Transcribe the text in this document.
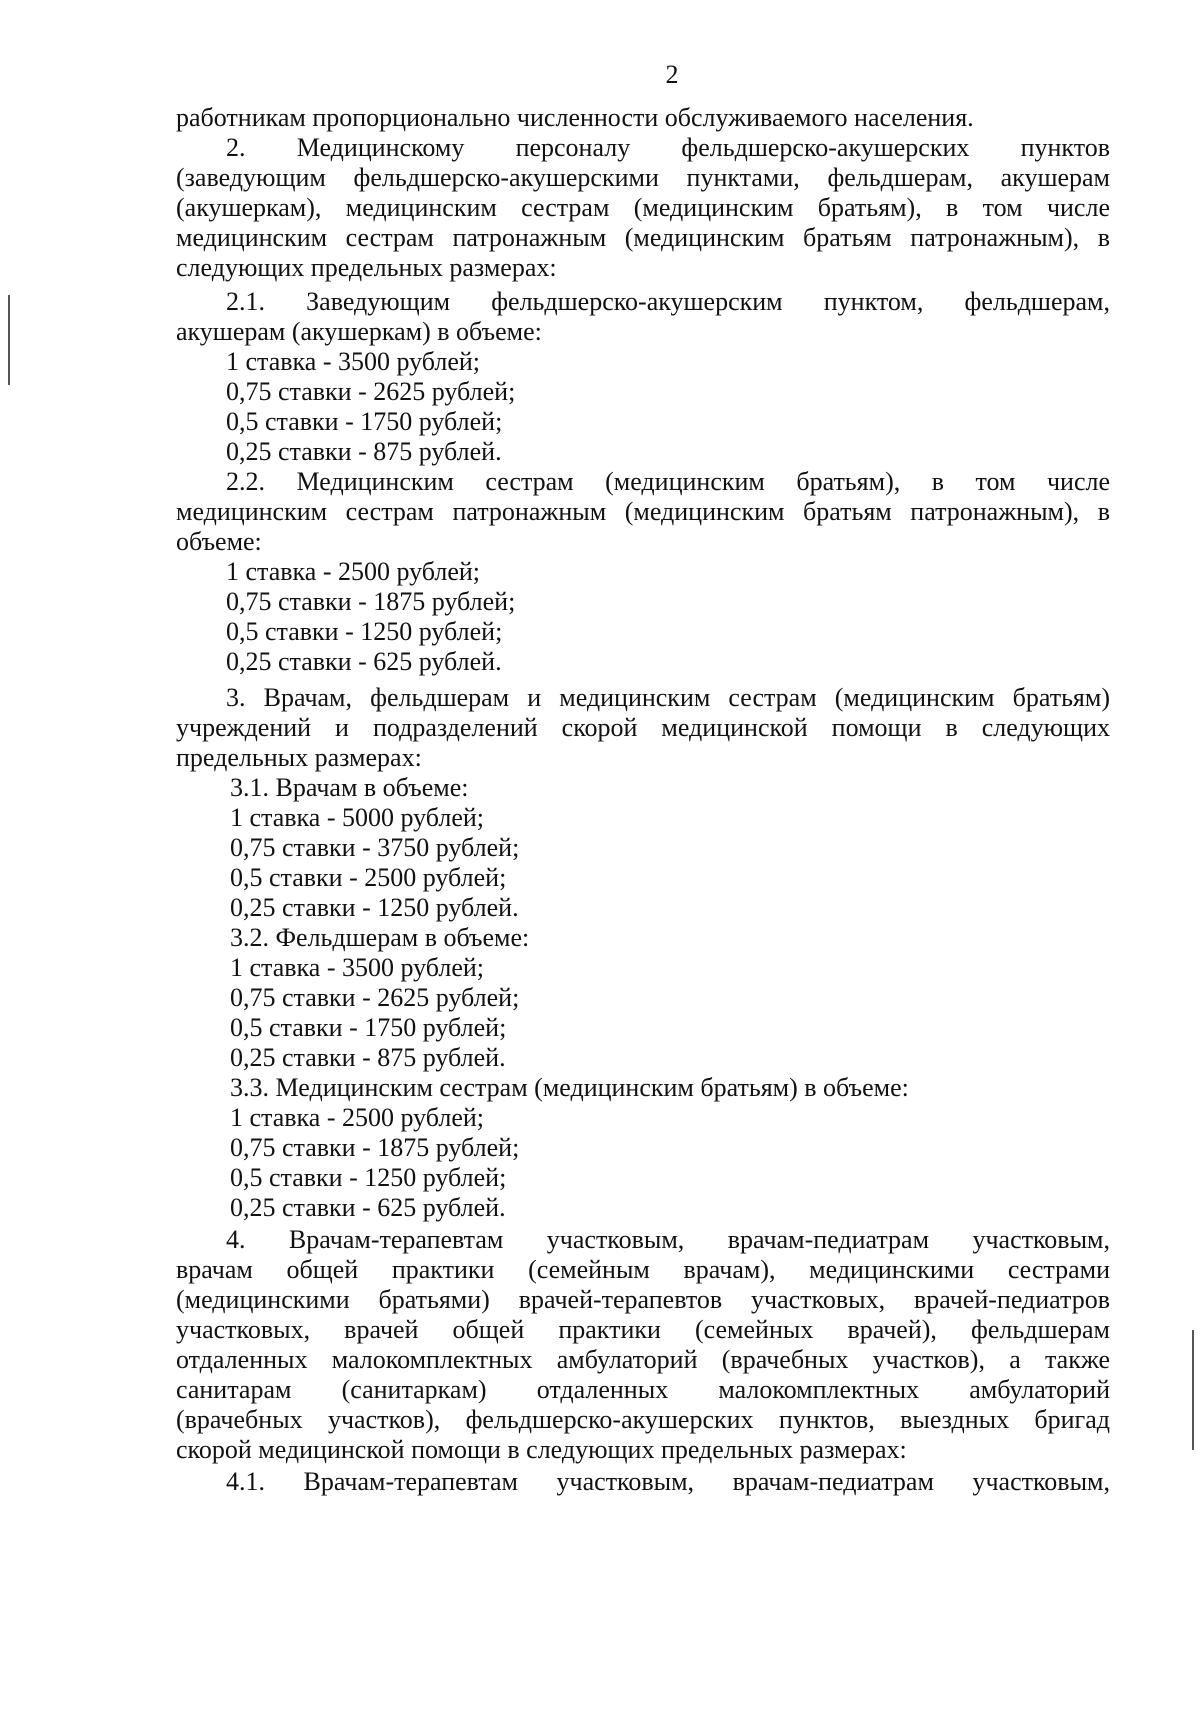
2
работникам пропорционально численности обслуживаемого населения.
2. Медицинскому персоналу фельдшерско-акушерских пунктов
(заведующим фельдшерско-акушерскими пунктами, фельдшерам, акушерам
(акушеркам), медицинским сестрам (медицинским братьям), в том числе
медицинским сестрам патронажным (медицинским братьям патронажным), в
следующих предельных размерах:
2.1. Заведующим фельдшерско-акушерским пунктом, фельдшерам,
акушерам (акушеркам) в объеме:
1 ставка - 3500 рублей;
0,75 ставки - 2625 рублей;
0,5 ставки - 1750 рублей;
0,25 ставки - 875 рублей.
2.2. Медицинским сестрам (медицинским братьям), в том числе
медицинским сестрам патронажным (медицинским братьям патронажным), в
объеме:
1 ставка - 2500 рублей;
0,75 ставки - 1875 рублей;
0,5 ставки - 1250 рублей;
0,25 ставки - 625 рублей.
3. Врачам, фельдшерам и медицинским сестрам (медицинским братьям)
учреждений и подразделений скорой медицинской помощи в следующих
предельных размерах:
3.1. Врачам в объеме:
1 ставка - 5000 рублей;
0,75 ставки - 3750 рублей;
0,5 ставки - 2500 рублей;
0,25 ставки - 1250 рублей.
3.2. Фельдшерам в объеме:
1 ставка - 3500 рублей;
0,75 ставки - 2625 рублей;
0,5 ставки - 1750 рублей;
0,25 ставки - 875 рублей.
3.3. Медицинским сестрам (медицинским братьям) в объеме:
1 ставка - 2500 рублей;
0,75 ставки - 1875 рублей;
0,5 ставки - 1250 рублей;
0,25 ставки - 625 рублей.
4. Врачам-терапевтам участковым, врачам-педиатрам участковым,
врачам общей практики (семейным врачам), медицинскими сестрами
(медицинскими братьями) врачей-терапевтов участковых, врачей-педиатров
участковых, врачей общей практики (семейных врачей), фельдшерам
отдаленных малокомплектных амбулаторий (врачебных участков), а также
санитарам (санитаркам) отдаленных малокомплектных амбулаторий
(врачебных участков), фельдшерско-акушерских пунктов, выездных бригад
скорой медицинской помощи в следующих предельных размерах:
4.1. Врачам-терапевтам участковым, врачам-педиатрам участковым,
